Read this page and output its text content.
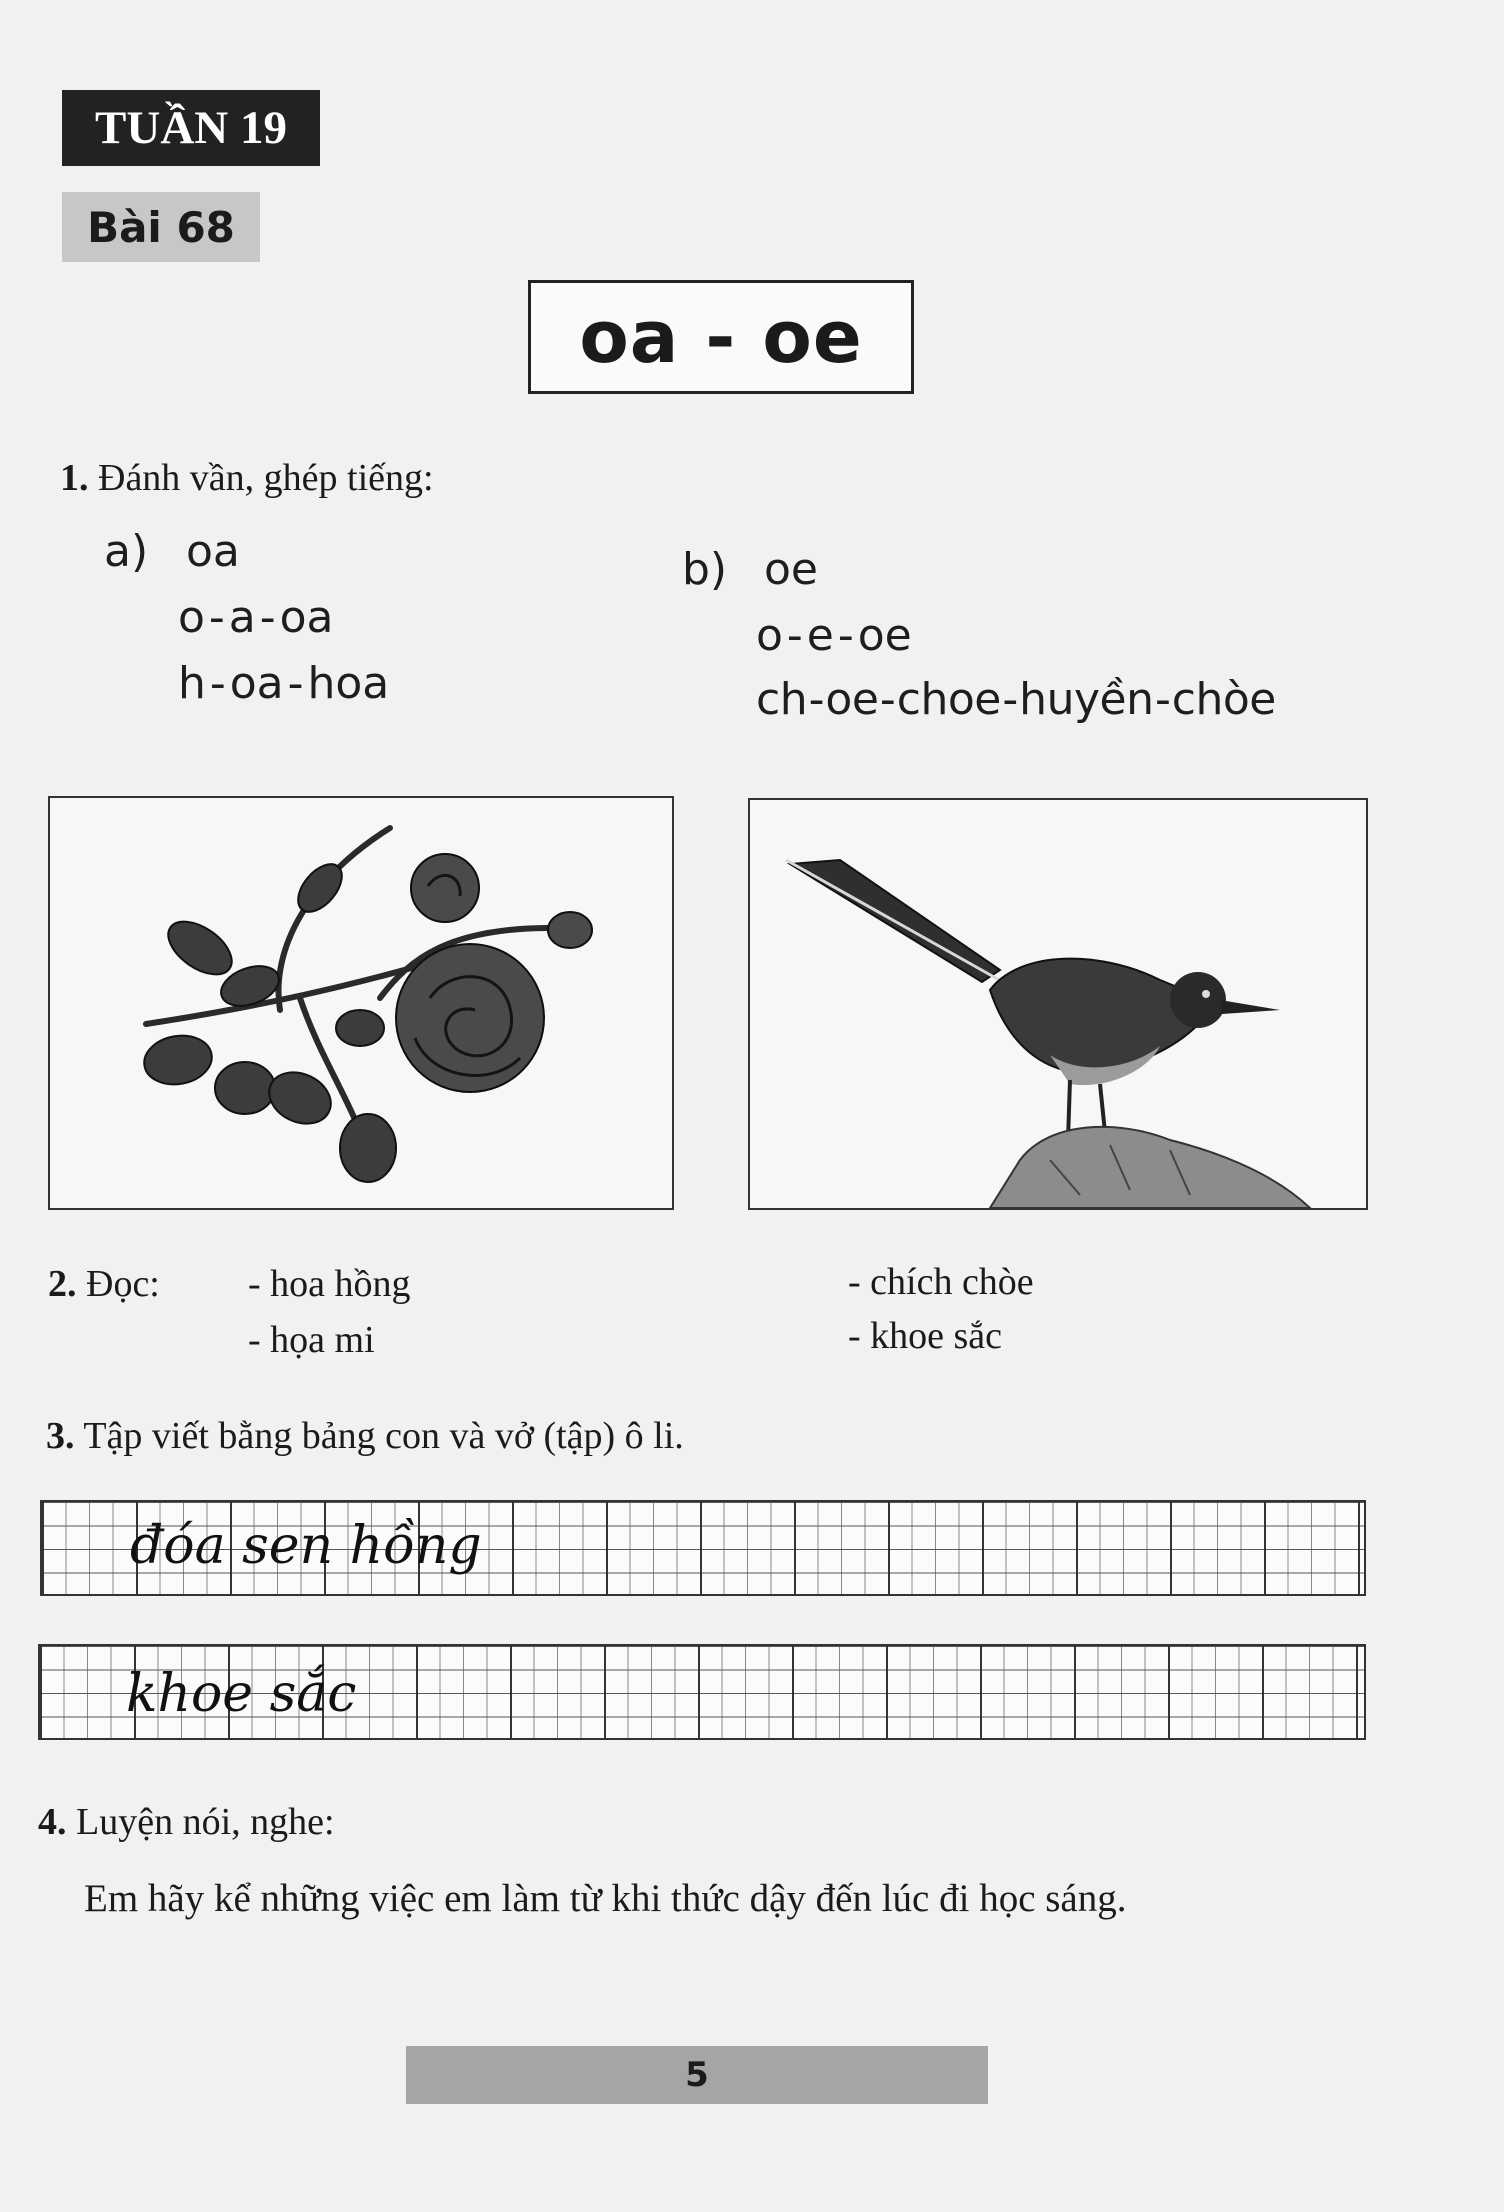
TUẦN 19
Bài 68
oa - oe
1. Đánh vần, ghép tiếng:
a) oa
o - a - oa
h - oa - hoa
b) oe
o - e - oe
ch - oe - choe - huyền - chòe
2. Đọc: - hoa hồng
- họa mi
- chích chòe
- khoe sắc
3. Tập viết bằng bảng con và vở (tập) ô li.
đóa sen hồng
khoe sắc
4. Luyện nói, nghe:
Em hãy kể những việc em làm từ khi thức dậy đến lúc đi học sáng.
5
